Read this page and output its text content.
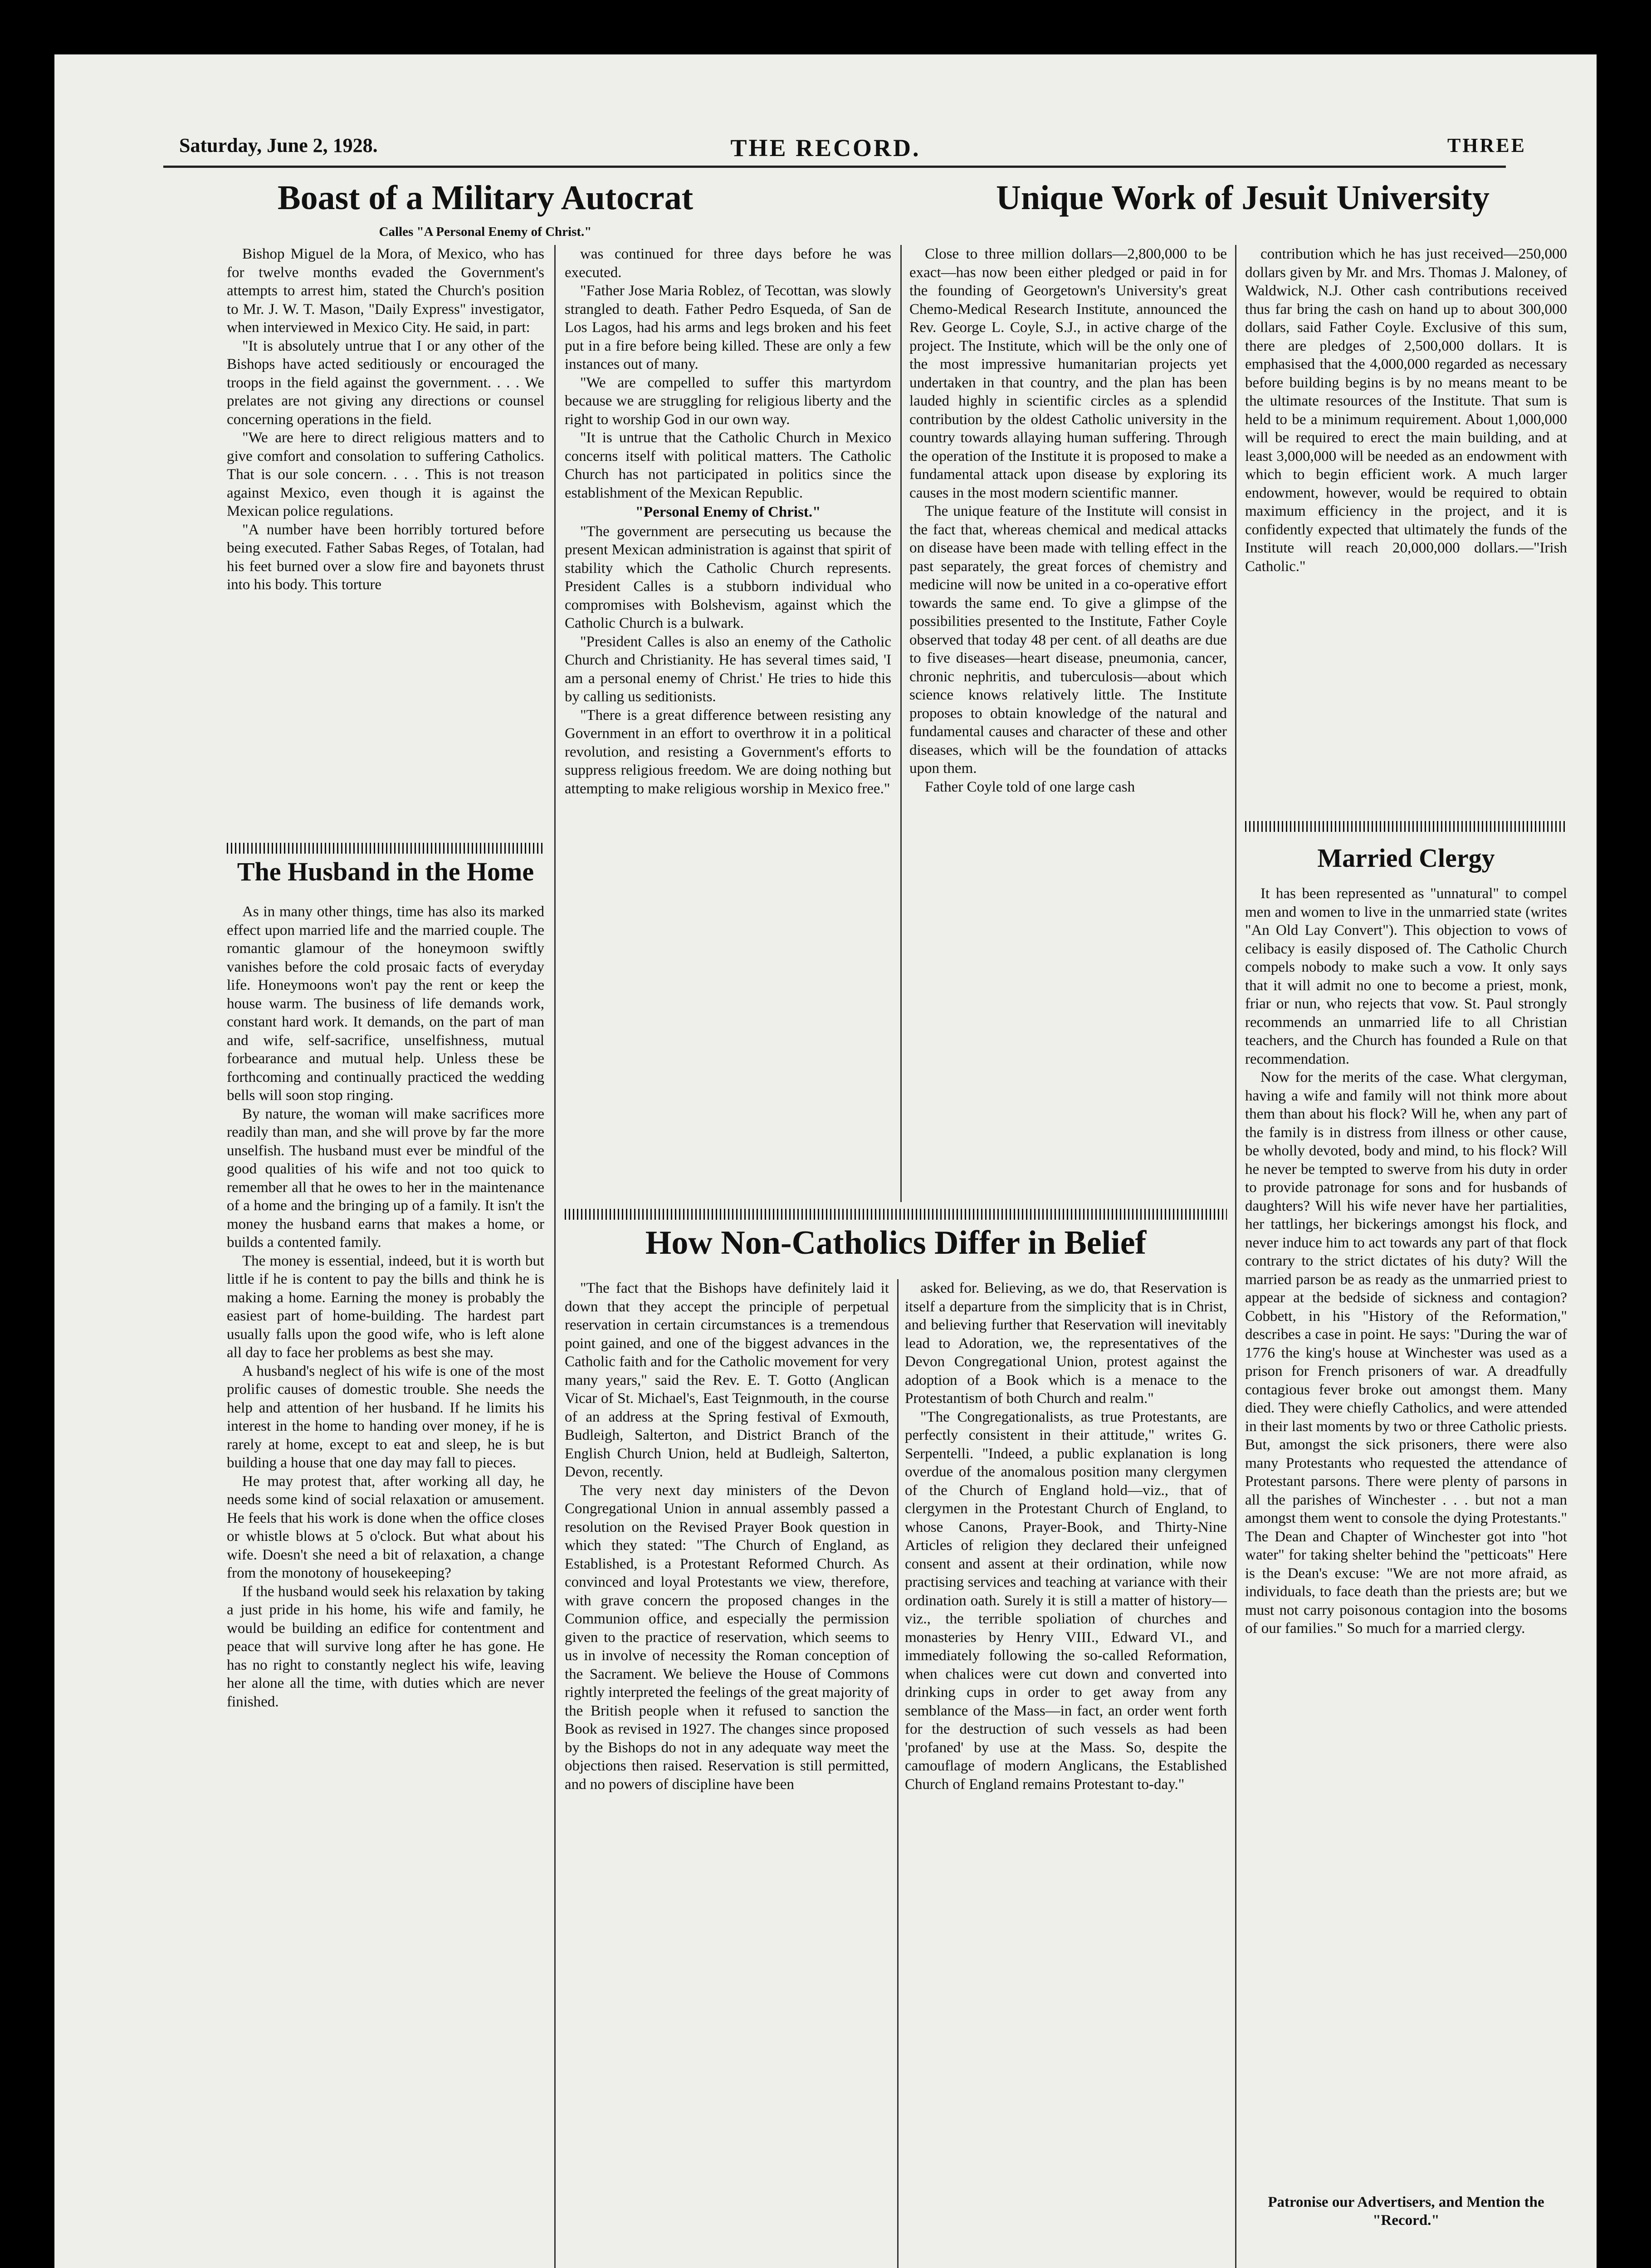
Saturday, June 2, 1928.	THE RECORD.	THREE
Boast of a Military Autocrat
Calles "A Personal Enemy of Christ."

Bishop Miguel de la Mora, of Mexico, who has for twelve months evaded the Government's attempts to arrest him, stated the Church's position to Mr. J. W. T. Mason, "Daily Express" investigator, when interviewed in Mexico City. He said, in part:

"It is absolutely untrue that I or any other of the Bishops have acted seditiously or encouraged the troops in the field against the government. . . . We prelates are not giving any directions or counsel concerning operations in the field.

"We are here to direct religious matters and to give comfort and consolation to suffering Catholics. That is our sole concern. . . . This is not treason against Mexico, even though it is against the Mexican police regulations.

"A number have been horribly tortured before being executed. Father Sabas Reges, of Totalan, had his feet burned over a slow fire and bayonets thrust into his body. This torture

The Husband in the Home

As in many other things, time has also its marked effect upon married life and the married couple. The romantic glamour of the honeymoon swiftly vanishes before the cold prosaic facts of everyday life. Honeymoons won't pay the rent or keep the house warm. The business of life demands work, constant hard work. It demands, on the part of man and wife, self-sacrifice, unselfishness, mutual forbearance and mutual help. Unless these be forthcoming and continually practiced the wedding bells will soon stop ringing.

By nature, the woman will make sacrifices more readily than man, and she will prove by far the more unselfish. The husband must ever be mindful of the good qualities of his wife and not too quick to remember all that he owes to her in the maintenance of a home and the bringing up of a family. It isn't the money the husband earns that makes a home, or builds a contented family.

The money is essential, indeed, but it is worth but little if he is content to pay the bills and think he is making a home. Earning the money is probably the easiest part of home-building. The hardest part usually falls upon the good wife, who is left alone all day to face her problems as best she may.

A husband's neglect of his wife is one of the most prolific causes of domestic trouble. She needs the help and attention of her husband. If he limits his interest in the home to handing over money, if he is rarely at home, except to eat and sleep, he is but building a house that one day may fall to pieces.

He may protest that, after working all day, he needs some kind of social relaxation or amusement. He feels that his work is done when the office closes or whistle blows at 5 o'clock. But what about his wife. Doesn't she need a bit of relaxation, a change from the monotony of housekeeping?

If the husband would seek his relaxation by taking a just pride in his home, his wife and family, he would be building an edifice for contentment and peace that will survive long after he has gone. He has no right to constantly neglect his wife, leaving her alone all the time, with duties which are never finished.

was continued for three days before he was executed.

"Father Jose Maria Roblez, of Tecottan, was slowly strangled to death. Father Pedro Esqueda, of San de Los Lagos, had his arms and legs broken and his feet put in a fire before being killed. These are only a few instances out of many.

"We are compelled to suffer this martyrdom because we are struggling for religious liberty and the right to worship God in our own way.

"It is untrue that the Catholic Church in Mexico concerns itself with political matters. The Catholic Church has not participated in politics since the establishment of the Mexican Republic.

"Personal Enemy of Christ."

"The government are persecuting us because the present Mexican administration is against that spirit of stability which the Catholic Church represents. President Calles is a stubborn individual who compromises with Bolshevism, against which the Catholic Church is a bulwark.

"President Calles is also an enemy of the Catholic Church and Christianity. He has several times said, 'I am a personal enemy of Christ.' He tries to hide this by calling us seditionists.

"There is a great difference between resisting any Government in an effort to overthrow it in a political revolution, and resisting a Government's efforts to suppress religious freedom. We are doing nothing but attempting to make religious worship in Mexico free."

Unique Work of Jesuit University

Close to three million dollars—2,800,000 to be exact—has now been either pledged or paid in for the founding of Georgetown's University's great Chemo-Medical Research Institute, announced the Rev. George L. Coyle, S.J., in active charge of the project. The Institute, which will be the only one of the most impressive humanitarian projects yet undertaken in that country, and the plan has been lauded highly in scientific circles as a splendid contribution by the oldest Catholic university in the country towards allaying human suffering. Through the operation of the Institute it is proposed to make a fundamental attack upon disease by exploring its causes in the most modern scientific manner.

The unique feature of the Institute will consist in the fact that, whereas chemical and medical attacks on disease have been made with telling effect in the past separately, the great forces of chemistry and medicine will now be united in a co-operative effort towards the same end. To give a glimpse of the possibilities presented to the Institute, Father Coyle observed that today 48 per cent. of all deaths are due to five diseases—heart disease, pneumonia, cancer, chronic nephritis, and tuberculosis—about which science knows relatively little. The Institute proposes to obtain knowledge of the natural and fundamental causes and character of these and other diseases, which will be the foundation of attacks upon them.

Father Coyle told of one large cash

contribution which he has just received—250,000 dollars given by Mr. and Mrs. Thomas J. Maloney, of Waldwick, N.J. Other cash contributions received thus far bring the cash on hand up to about 300,000 dollars, said Father Coyle. Exclusive of this sum, there are pledges of 2,500,000 dollars. It is emphasised that the 4,000,000 regarded as necessary before building begins is by no means meant to be the ultimate resources of the Institute. That sum is held to be a minimum requirement. About 1,000,000 will be required to erect the main building, and at least 3,000,000 will be needed as an endowment with which to begin efficient work. A much larger endowment, however, would be required to obtain maximum efficiency in the project, and it is confidently expected that ultimately the funds of the Institute will reach 20,000,000 dollars.—"Irish Catholic."

Married Clergy

It has been represented as "unnatural" to compel men and women to live in the unmarried state (writes "An Old Lay Convert"). This objection to vows of celibacy is easily disposed of. The Catholic Church compels nobody to make such a vow. It only says that it will admit no one to become a priest, monk, friar or nun, who rejects that vow. St. Paul strongly recommends an unmarried life to all Christian teachers, and the Church has founded a Rule on that recommendation.

Now for the merits of the case. What clergyman, having a wife and family will not think more about them than about his flock? Will he, when any part of the family is in distress from illness or other cause, be wholly devoted, body and mind, to his flock? Will he never be tempted to swerve from his duty in order to provide patronage for sons and for husbands of daughters? Will his wife never have her partialities, her tattlings, her bickerings amongst his flock, and never induce him to act towards any part of that flock contrary to the strict dictates of his duty? Will the married parson be as ready as the unmarried priest to appear at the bedside of sickness and contagion? Cobbett, in his "History of the Reformation," describes a case in point. He says: "During the war of 1776 the king's house at Winchester was used as a prison for French prisoners of war. A dreadfully contagious fever broke out amongst them. Many died. They were chiefly Catholics, and were attended in their last moments by two or three Catholic priests. But, amongst the sick prisoners, there were also many Protestants who requested the attendance of Protestant parsons. There were plenty of parsons in all the parishes of Winchester . . . but not a man amongst them went to console the dying Protestants." The Dean and Chapter of Winchester got into "hot water" for taking shelter behind the "petticoats" Here is the Dean's excuse: "We are not more afraid, as individuals, to face death than the priests are; but we must not carry poisonous contagion into the bosoms of our families." So much for a married clergy.

Patronise our Advertisers, and Mention the "Record."
How Non-Catholics Differ in Belief

"The fact that the Bishops have definitely laid it down that they accept the principle of perpetual reservation in certain circumstances is a tremendous point gained, and one of the biggest advances in the Catholic faith and for the Catholic movement for very many years," said the Rev. E. T. Gotto (Anglican Vicar of St. Michael's, East Teignmouth, in the course of an address at the Spring festival of Exmouth, Budleigh, Salterton, and District Branch of the English Church Union, held at Budleigh, Salterton, Devon, recently.

The very next day ministers of the Devon Congregational Union in annual assembly passed a resolution on the Revised Prayer Book question in which they stated: "The Church of England, as Established, is a Protestant Reformed Church. As convinced and loyal Protestants we view, therefore, with grave concern the proposed changes in the Communion office, and especially the permission given to the practice of reservation, which seems to us in involve of necessity the Roman conception of the Sacrament. We believe the House of Commons rightly interpreted the feelings of the great majority of the British people when it refused to sanction the Book as revised in 1927. The changes since proposed by the Bishops do not in any adequate way meet the objections then raised. Reservation is still permitted, and no powers of discipline have been

asked for. Believing, as we do, that Reservation is itself a departure from the simplicity that is in Christ, and believing further that Reservation will inevitably lead to Adoration, we, the representatives of the Devon Congregational Union, protest against the adoption of a Book which is a menace to the Protestantism of both Church and realm."

"The Congregationalists, as true Protestants, are perfectly consistent in their attitude," writes G. Serpentelli. "Indeed, a public explanation is long overdue of the anomalous position many clergymen of the Church of England hold—viz., that of clergymen in the Protestant Church of England, to whose Canons, Prayer-Book, and Thirty-Nine Articles of religion they declared their unfeigned consent and assent at their ordination, while now practising services and teaching at variance with their ordination oath. Surely it is still a matter of history—viz., the terrible spoliation of churches and monasteries by Henry VIII., Edward VI., and immediately following the so-called Reformation, when chalices were cut down and converted into drinking cups in order to get away from any semblance of the Mass—in fact, an order went forth for the destruction of such vessels as had been 'profaned' by use at the Mass. So, despite the camouflage of modern Anglicans, the Established Church of England remains Protestant to-day."
